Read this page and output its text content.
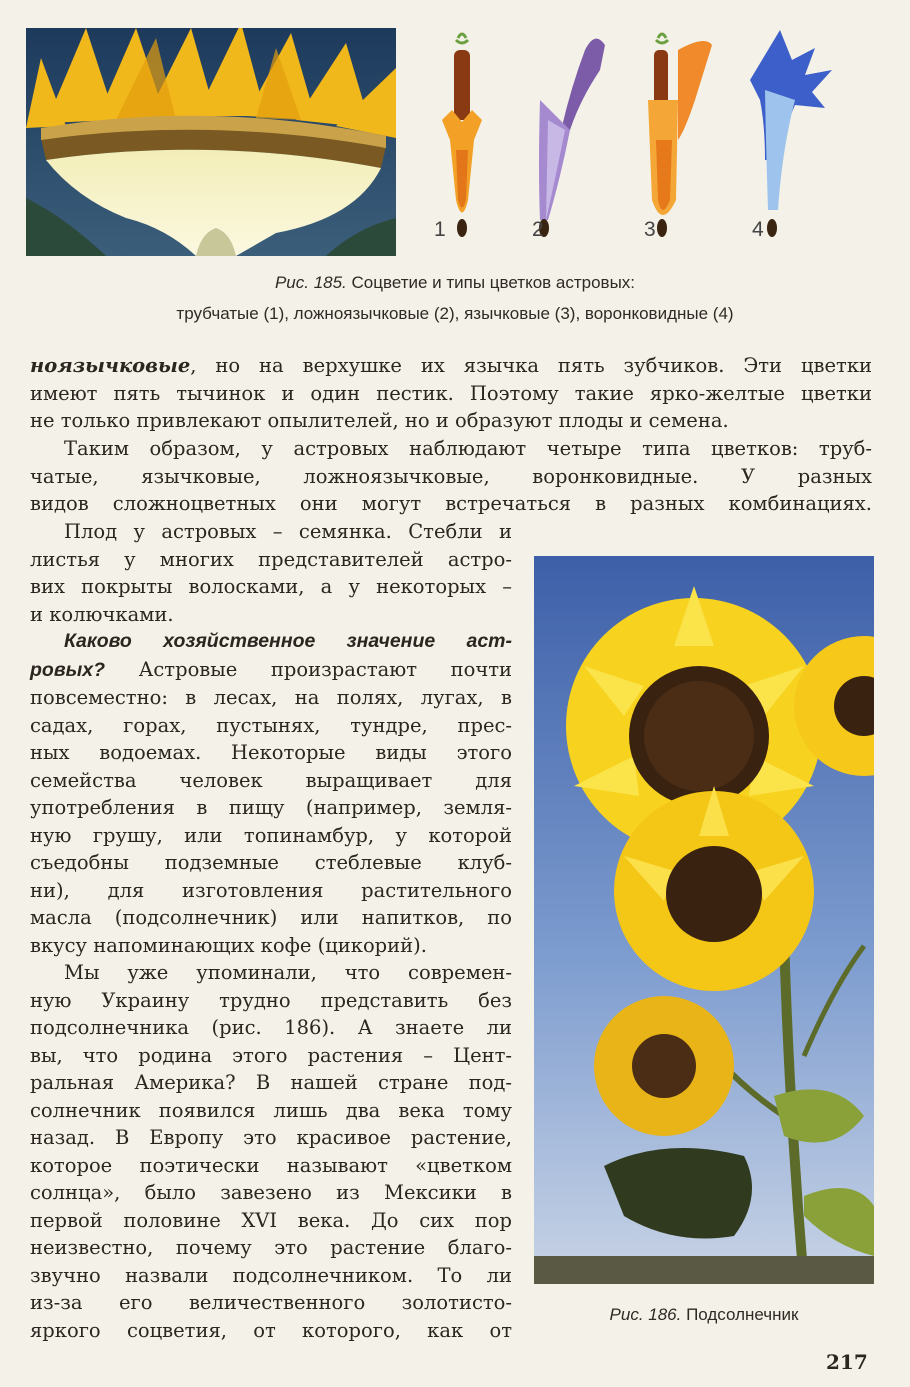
1	2	3	4
Рис. 185. Соцветие и типы цветков астровых:
трубчатые (1), ложноязычковые (2), язычковые (3), воронковидные (4)
ноязычковые, но на верхушке их язычка пять зубчиков. Эти цветки
имеют пять тычинок и один пестик. Поэтому такие ярко-желтые цветки
не только привлекают опылителей, но и образуют плоды и семена.
Таким образом, у астровых наблюдают четыре типа цветков: труб-
чатые, язычковые, ложноязычковые, воронковидные. У разных
видов сложноцветных они могут встречаться в разных комбинациях.
Плод у астровых – семянка. Стебли и
листья у многих представителей астро-
вих покрыты волосками, а у некоторых –
и колючками.
Каково хозяйственное значение аст-
ровых? Астровые произрастают почти
повсеместно: в лесах, на полях, лугах, в
садах, горах, пустынях, тундре, прес-
ных водоемах. Некоторые виды этого
семейства человек выращивает для
употребления в пищу (например, земля-
ную грушу, или топинамбур, у которой
съедобны подземные стеблевые клуб-
ни), для изготовления растительного
масла (подсолнечник) или напитков, по
вкусу напоминающих кофе (цикорий).
Мы уже упоминали, что современ-
ную Украину трудно представить без
подсолнечника (рис. 186). А знаете ли
вы, что родина этого растения – Цент-
ральная Америка? В нашей стране под-
солнечник появился лишь два века тому
назад. В Европу это красивое растение,
которое поэтически называют «цветком
солнца», было завезено из Мексики в
первой половине XVI века. До сих пор
неизвестно, почему это растение благо-
звучно назвали подсолнечником. То ли
из-за его величественного золотисто-
яркого соцветия, от которого, как от
Рис. 186. Подсолнечник
217
